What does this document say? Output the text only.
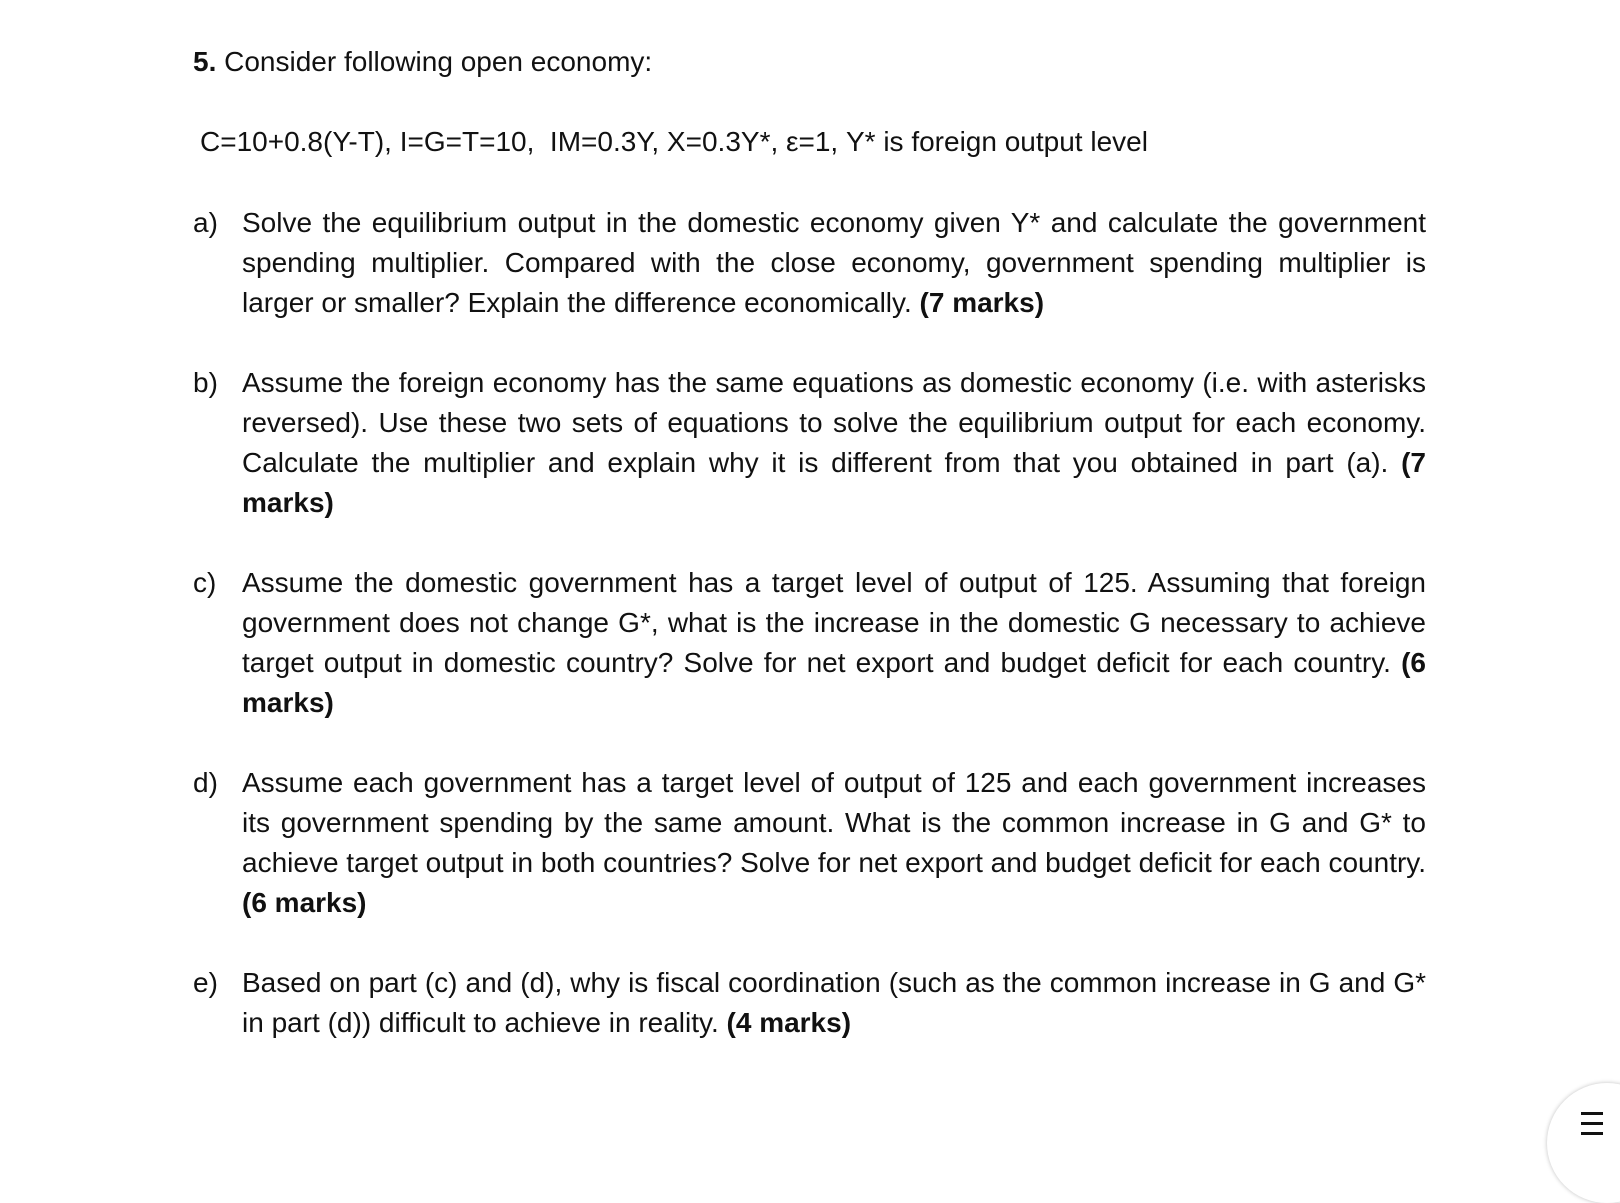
5. Consider following open economy:
C=10+0.8(Y-T), I=G=T=10,  IM=0.3Y, X=0.3Y*, ε=1, Y* is foreign output level
a) Solve the equilibrium output in the domestic economy given Y* and calculate the government spending multiplier. Compared with the close economy, government spending multiplier is larger or smaller? Explain the difference economically. (7 marks)
b) Assume the foreign economy has the same equations as domestic economy (i.e. with asterisks reversed). Use these two sets of equations to solve the equilibrium output for each economy. Calculate the multiplier and explain why it is different from that you obtained in part (a). (7 marks)
c) Assume the domestic government has a target level of output of 125. Assuming that foreign government does not change G*, what is the increase in the domestic G necessary to achieve target output in domestic country? Solve for net export and budget deficit for each country. (6 marks)
d) Assume each government has a target level of output of 125 and each government increases its government spending by the same amount. What is the common increase in G and G* to achieve target output in both countries? Solve for net export and budget deficit for each country. (6 marks)
e) Based on part (c) and (d), why is fiscal coordination (such as the common increase in G and G* in part (d)) difficult to achieve in reality. (4 marks)
